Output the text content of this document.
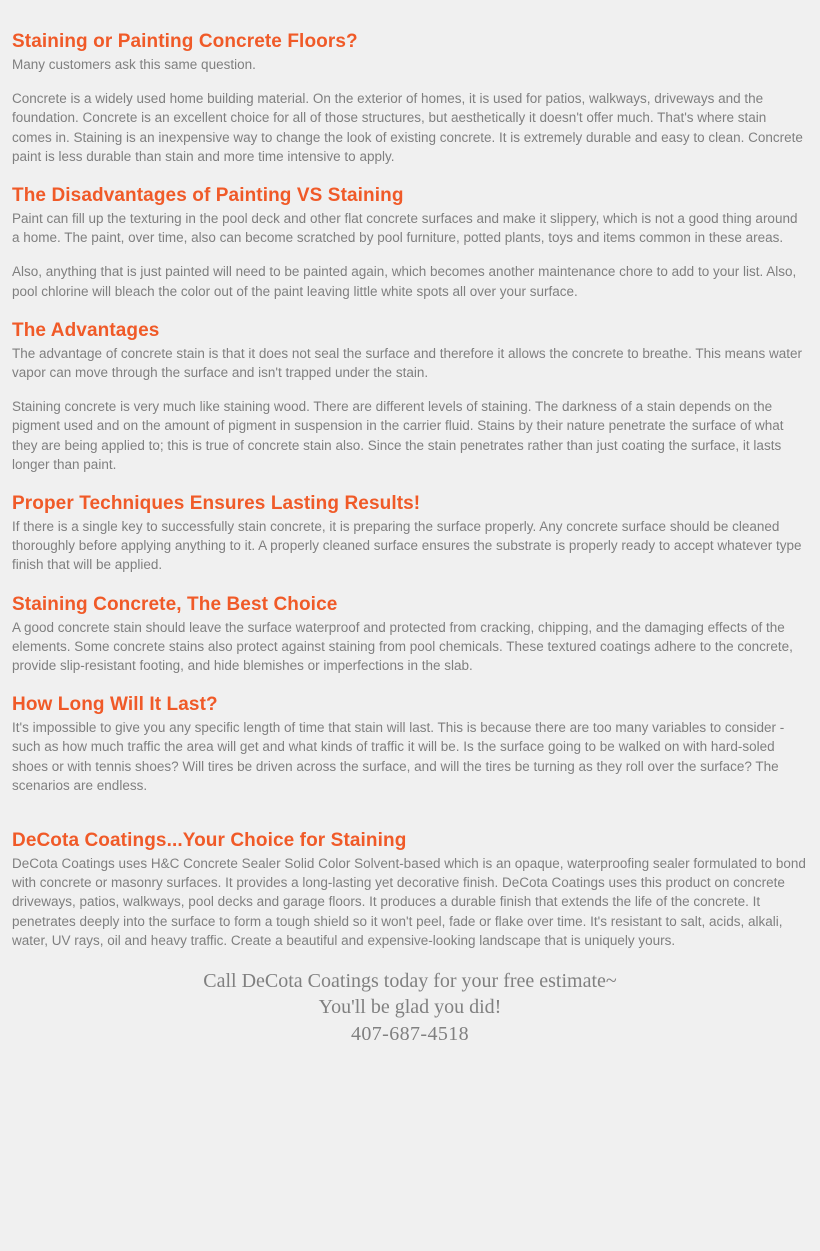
Staining or Painting Concrete Floors?

Many customers ask this same question.

Concrete is a widely used home building material. On the exterior of homes, it is used for patios, walkways, driveways and the foundation. Concrete is an excellent choice for all of those structures, but aesthetically it doesn't offer much. That's where stain comes in. Staining is an inexpensive way to change the look of existing concrete. It is extremely durable and easy to clean. Concrete paint is less durable than stain and more time intensive to apply.

The Disadvantages of Painting VS Staining

Paint can fill up the texturing in the pool deck and other flat concrete surfaces and make it slippery, which is not a good thing around a home. The paint, over time, also can become scratched by pool furniture, potted plants, toys and items common in these areas.

Also, anything that is just painted will need to be painted again, which becomes another maintenance chore to add to your list. Also, pool chlorine will bleach the color out of the paint leaving little white spots all over your surface.

The Advantages

The advantage of concrete stain is that it does not seal the surface and therefore it allows the concrete to breathe. This means water vapor can move through the surface and isn't trapped under the stain.

Staining concrete is very much like staining wood. There are different levels of staining. The darkness of a stain depends on the pigment used and on the amount of pigment in suspension in the carrier fluid. Stains by their nature penetrate the surface of what they are being applied to; this is true of concrete stain also. Since the stain penetrates rather than just coating the surface, it lasts longer than paint.

Proper Techniques Ensures Lasting Results!

If there is a single key to successfully stain concrete, it is preparing the surface properly. Any concrete surface should be cleaned thoroughly before applying anything to it. A properly cleaned surface ensures the substrate is properly ready to accept whatever type finish that will be applied.

Staining Concrete, The Best Choice

A good concrete stain should leave the surface waterproof and protected from cracking, chipping, and the damaging effects of the elements. Some concrete stains also protect against staining from pool chemicals. These textured coatings adhere to the concrete, provide slip-resistant footing, and hide blemishes or imperfections in the slab.

How Long Will It Last?

It's impossible to give you any specific length of time that stain will last. This is because there are too many variables to consider - such as how much traffic the area will get and what kinds of traffic it will be. Is the surface going to be walked on with hard-soled shoes or with tennis shoes? Will tires be driven across the surface, and will the tires be turning as they roll over the surface? The scenarios are endless.

DeCota Coatings...Your Choice for Staining

DeCota Coatings uses H&C Concrete Sealer Solid Color Solvent-based which is an opaque, waterproofing sealer formulated to bond with concrete or masonry surfaces. It provides a long-lasting yet decorative finish. DeCota Coatings uses this product on concrete driveways, patios, walkways, pool decks and garage floors. It produces a durable finish that extends the life of the concrete. It penetrates deeply into the surface to form a tough shield so it won't peel, fade or flake over time. It's resistant to salt, acids, alkali, water, UV rays, oil and heavy traffic. Create a beautiful and expensive-looking landscape that is uniquely yours.

Call DeCota Coatings today for your free estimate~
You'll be glad you did!
407-687-4518
